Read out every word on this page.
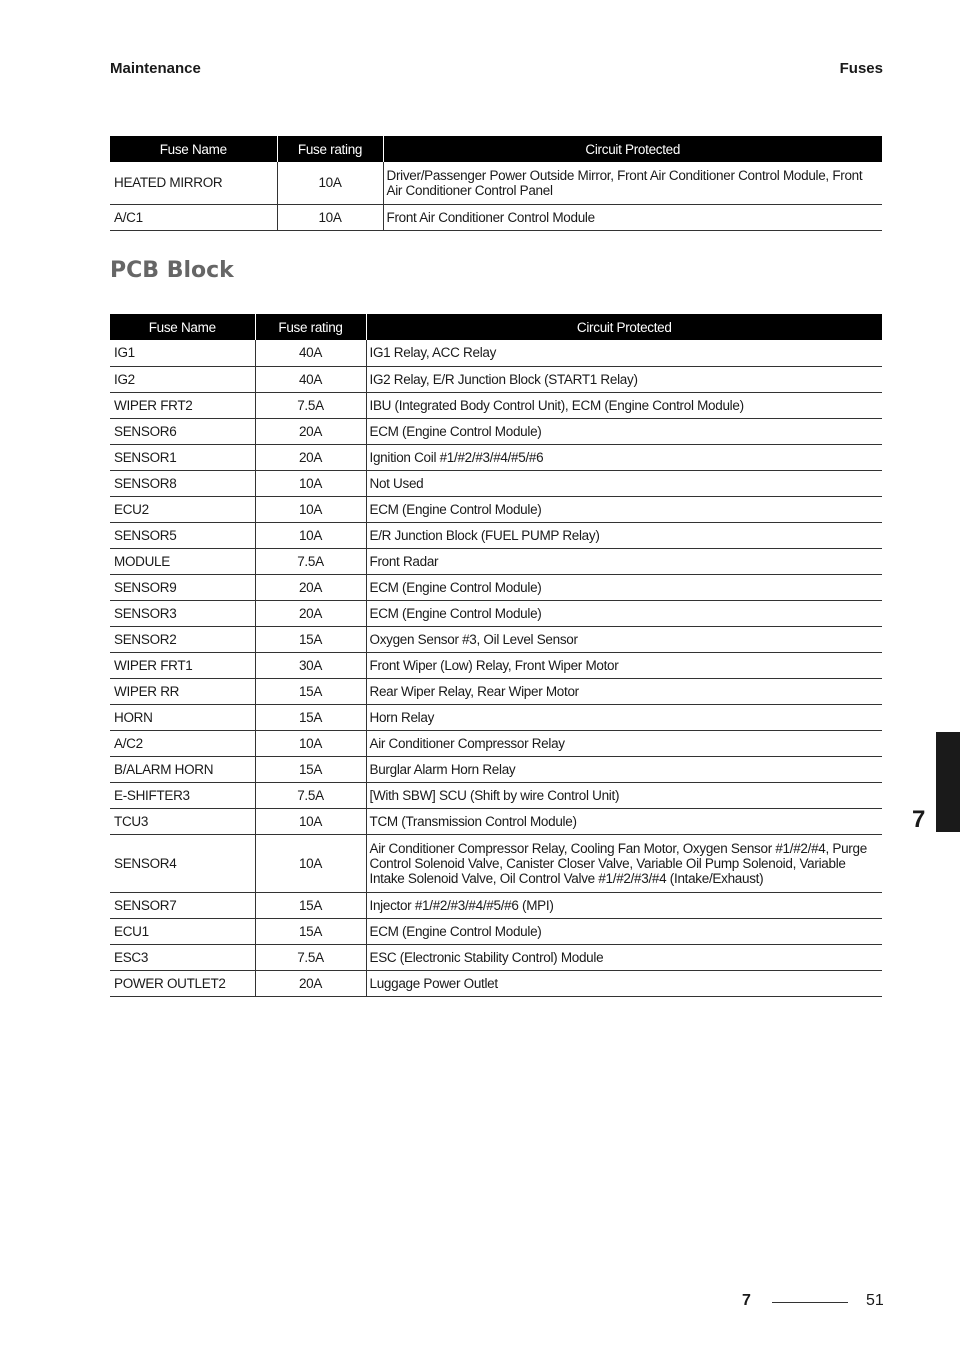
Maintenance	Fuses
Fuse Name	Fuse rating	Circuit Protected
HEATED MIRROR	10A	Driver/Passenger Power Outside Mirror, Front Air Conditioner Control Module, Front Air Conditioner Control Panel
A/C1	10A	Front Air Conditioner Control Module
PCB Block
Fuse Name	Fuse rating	Circuit Protected
IG1	40A	IG1 Relay, ACC Relay
IG2	40A	IG2 Relay, E/R Junction Block (START1 Relay)
WIPER FRT2	7.5A	IBU (Integrated Body Control Unit), ECM (Engine Control Module)
SENSOR6	20A	ECM (Engine Control Module)
SENSOR1	20A	Ignition Coil #1/#2/#3/#4/#5/#6
SENSOR8	10A	Not Used
ECU2	10A	ECM (Engine Control Module)
SENSOR5	10A	E/R Junction Block (FUEL PUMP Relay)
MODULE	7.5A	Front Radar
SENSOR9	20A	ECM (Engine Control Module)
SENSOR3	20A	ECM (Engine Control Module)
SENSOR2	15A	Oxygen Sensor #3, Oil Level Sensor
WIPER FRT1	30A	Front Wiper (Low) Relay, Front Wiper Motor
WIPER RR	15A	Rear Wiper Relay, Rear Wiper Motor
HORN	15A	Horn Relay
A/C2	10A	Air Conditioner Compressor Relay
B/ALARM HORN	15A	Burglar Alarm Horn Relay
E-SHIFTER3	7.5A	[With SBW] SCU (Shift by wire Control Unit)
TCU3	10A	TCM (Transmission Control Module)
SENSOR4	10A	Air Conditioner Compressor Relay, Cooling Fan Motor, Oxygen Sensor #1/#2/#4, Purge Control Solenoid Valve, Canister Closer Valve, Variable Oil Pump Solenoid, Variable Intake Solenoid Valve, Oil Control Valve #1/#2/#3/#4 (Intake/Exhaust)
SENSOR7	15A	Injector #1/#2/#3/#4/#5/#6 (MPI)
ECU1	15A	ECM (Engine Control Module)
ESC3	7.5A	ESC (Electronic Stability Control) Module
POWER OUTLET2	20A	Luggage Power Outlet
7
7	51
